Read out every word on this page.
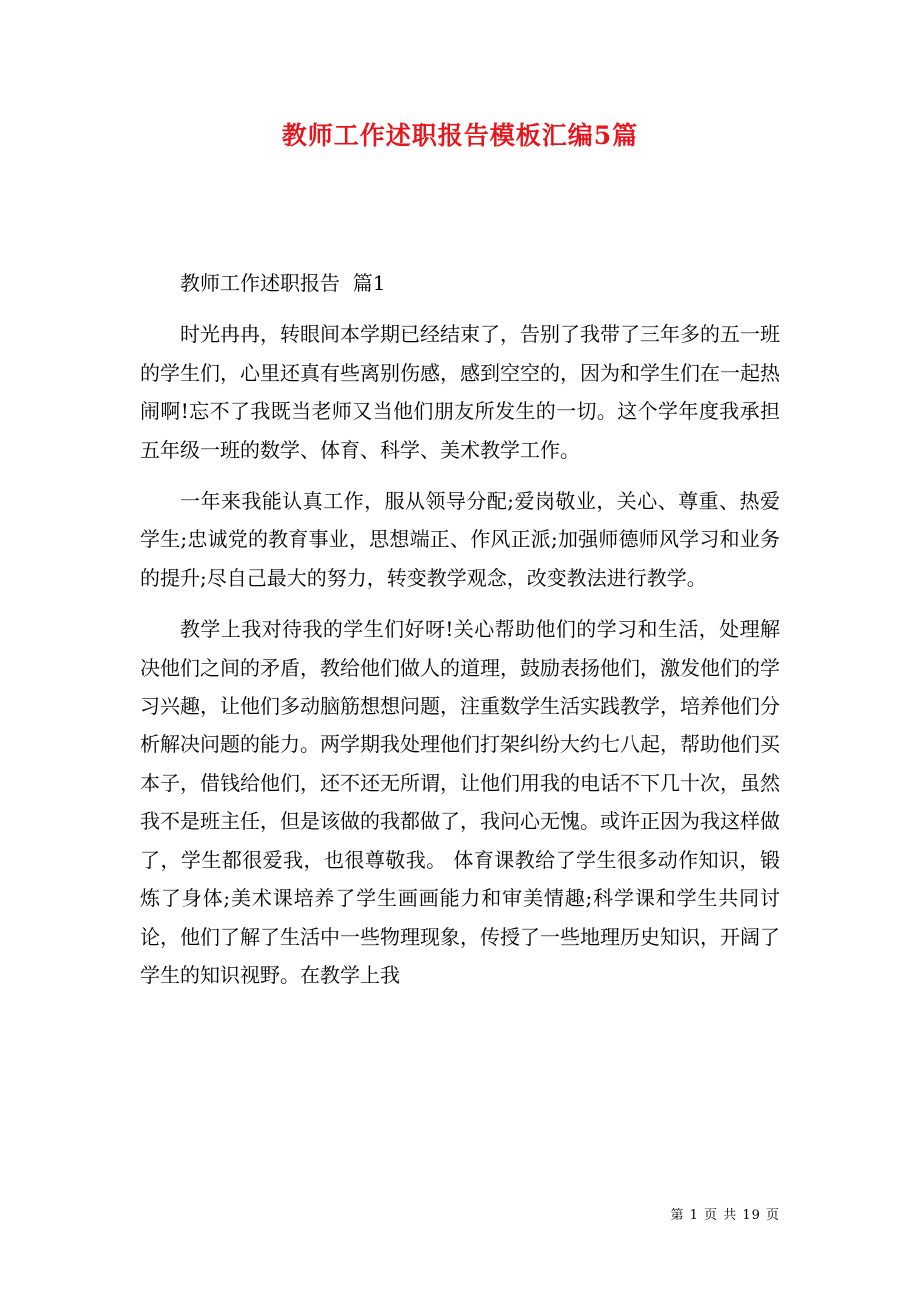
教师工作述职报告模板汇编5篇

教师工作述职报告  篇1

时光冉冉，转眼间本学期已经结束了，告别了我带了三年多的五一班的学生们，心里还真有些离别伤感，感到空空的，因为和学生们在一起热闹啊!忘不了我既当老师又当他们朋友所发生的一切。这个学年度我承担五年级一班的数学、体育、科学、美术教学工作。

一年来我能认真工作，服从领导分配;爱岗敬业，关心、尊重、热爱学生;忠诚党的教育事业，思想端正、作风正派;加强师德师风学习和业务的提升;尽自己最大的努力，转变教学观念，改变教法进行教学。

教学上我对待我的学生们好呀!关心帮助他们的学习和生活，处理解决他们之间的矛盾，教给他们做人的道理，鼓励表扬他们，激发他们的学习兴趣，让他们多动脑筋想想问题，注重数学生活实践教学，培养他们分析解决问题的能力。两学期我处理他们打架纠纷大约七八起，帮助他们买本子，借钱给他们，还不还无所谓，让他们用我的电话不下几十次，虽然我不是班主任，但是该做的我都做了，我问心无愧。或许正因为我这样做了，学生都很爱我，也很尊敬我。 体育课教给了学生很多动作知识，锻炼了身体;美术课培养了学生画画能力和审美情趣;科学课和学生共同讨论，他们了解了生活中一些物理现象，传授了一些地理历史知识，开阔了学生的知识视野。在教学上我

第 1 页 共 19 页
